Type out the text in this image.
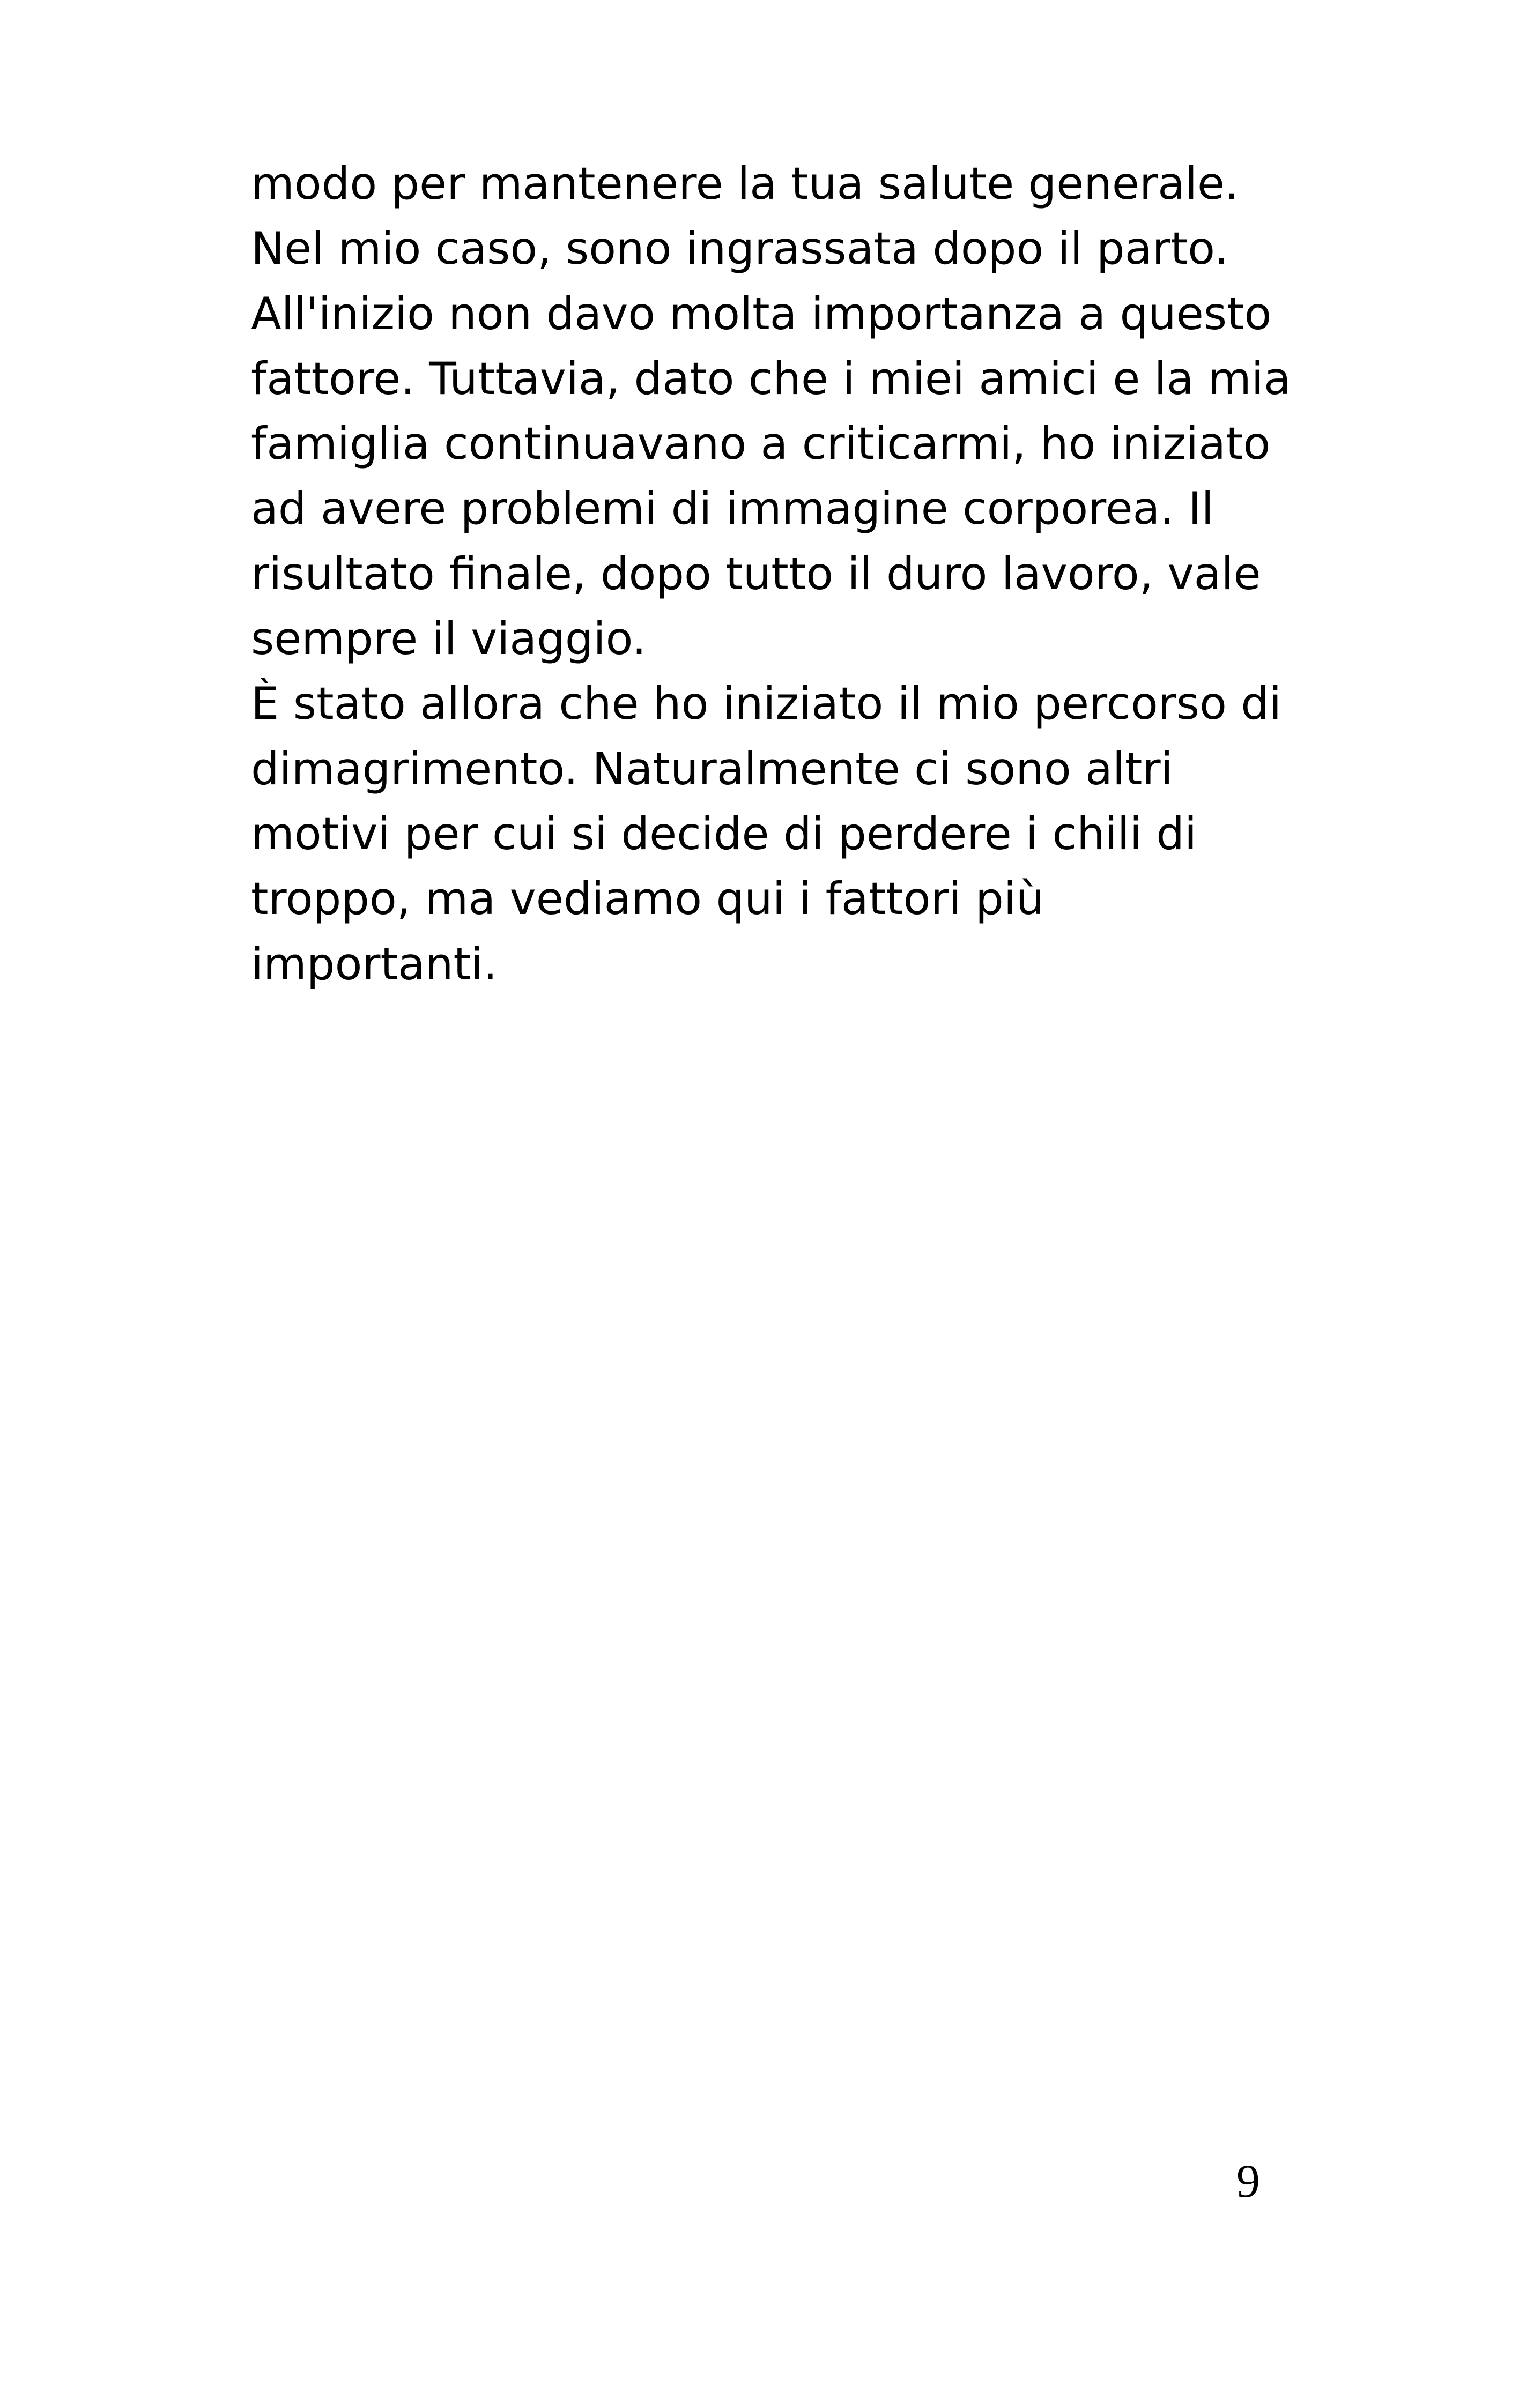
modo per mantenere la tua salute generale.
Nel mio caso, sono ingrassata dopo il parto.
All'inizio non davo molta importanza a questo
fattore. Tuttavia, dato che i miei amici e la mia
famiglia continuavano a criticarmi, ho iniziato
ad avere problemi di immagine corporea. Il
risultato finale, dopo tutto il duro lavoro, vale
sempre il viaggio.
È stato allora che ho iniziato il mio percorso di
dimagrimento. Naturalmente ci sono altri
motivi per cui si decide di perdere i chili di
troppo, ma vediamo qui i fattori più
importanti.
9
